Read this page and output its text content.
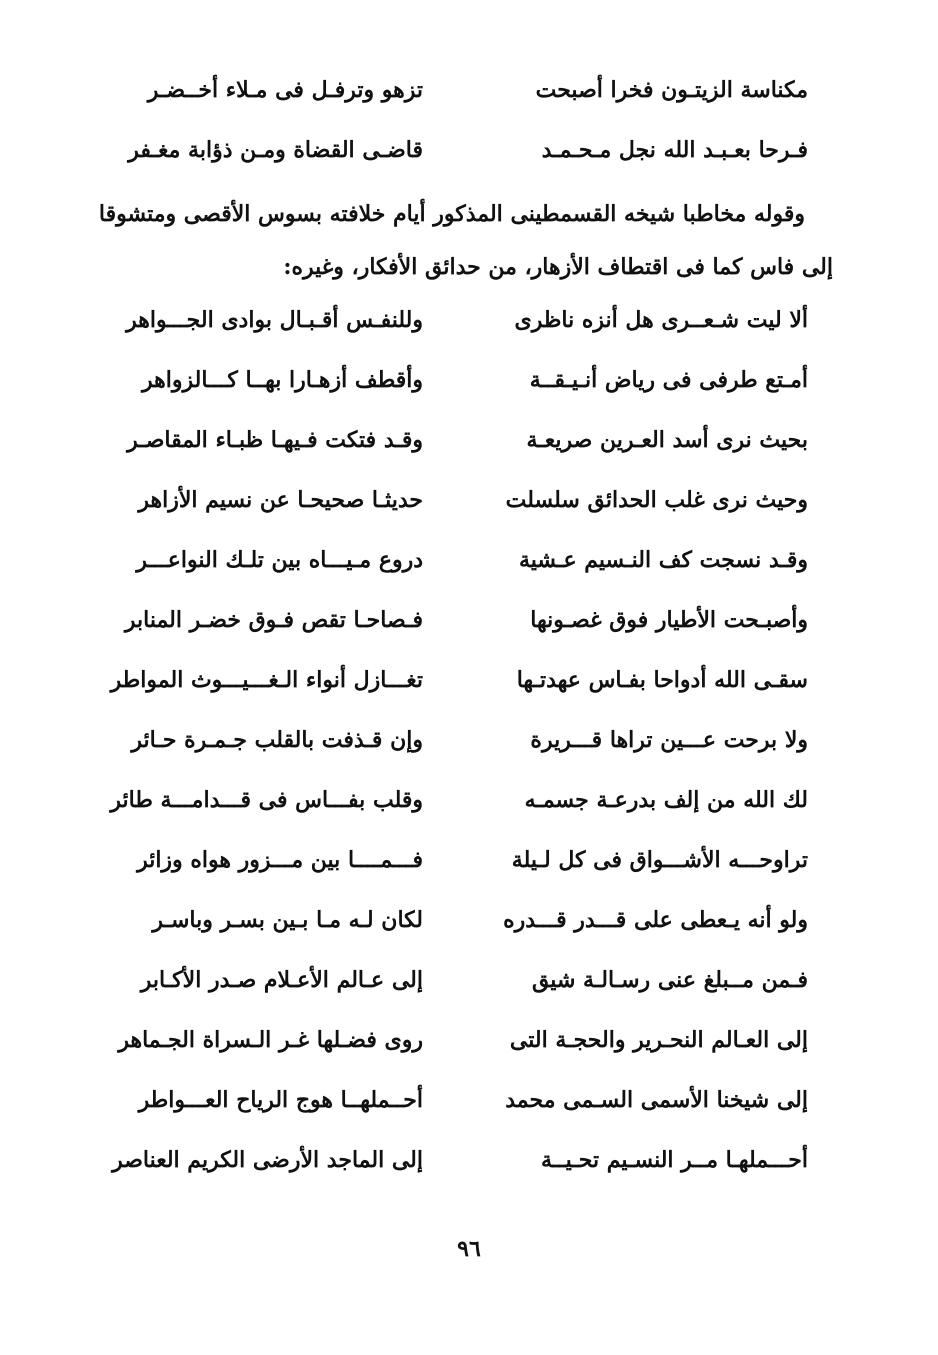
مكناسة الزيتـون فخرا أصبحت
تزهو وترفـل فى مـلاء أخــضـر
فـرحا بعـبـد الله نجل مـحـمـد
قاضـى القضاة ومـن ذؤابة مغـفر
وقوله مخاطبا شيخه القسمطينى المذكور أيام خلافته بسوس الأقصى ومتشوقا
إلى فاس كما فى اقتطاف الأزهار، من حدائق الأفكار، وغيره:
ألا ليت شـعــرى هل أنزه ناظرى
وللنفـس أقـبـال بوادى الجـــواهر
أمـتع طرفى فى رياض أنـيـقــة
وأقطف أزهـارا بهــا كـــالزواهر
بحيث نرى أسد العـرين صريعـة
وقـد فتكت فـيهـا ظبـاء المقاصـر
وحيث نرى غلب الحدائق سلسلت
حديثـا صحيحـا عن نسيم الأزاهر
وقـد نسجت كف النـسيم عـشية
دروع مـيـــاه بين تلـك النواعـــر
وأصبـحت الأطيار فوق غصـونها
فـصاحـا تقص فـوق خضـر المنابر
سقـى الله أدواحا بفـاس عهدتـها
تغـــازل أنواء الـغـــيـــوث المواطر
ولا برحت عـــين تراها قـــريرة
وإن قـذفت بالقلب جـمـرة حـائر
لك الله من إلف بدرعـة جسمـه
وقلب بفـــاس فى قـــدامـــة طائر
تراوحـــه الأشـــواق فى كل لـيلة
فـــمــــا بين مـــزور هواه وزائر
ولو أنه يـعطى على قـــدر قـــدره
لكان لـه مـا بـين بسـر وباسـر
فـمن مــبلغ عنى رسـالـة شيق
إلى عـالم الأعـلام صـدر الأكـابر
إلى العـالم النحـرير والحجـة التى
روى فضـلها غـر الـسراة الجـماهر
إلى شيخنا الأسمى السـمى محمد
أحــملهــا هوج الرياح العـــواطر
أحـــملهـا مــر النسـيم تحـيــة
إلى الماجد الأرضى الكريم العناصر
٩٦
